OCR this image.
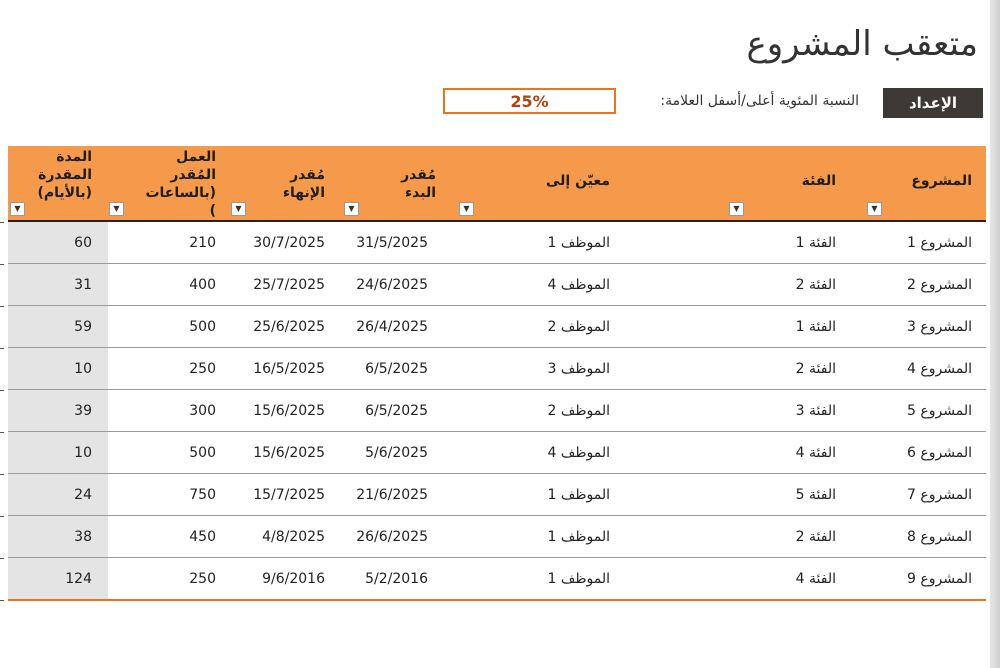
متعقب المشروع
الإعداد
النسبة المئوية أعلى/أسفل العلامة:
25%
المشروع
▼
الفئة
▼
معيّن إلى
▼
مُقدر
البدء
▼
مُقدر
الإنهاء
▼
العمل
المُقدر
(بالساعات
)
▼
المدة
المقدرة
(بالأيام)
▼
المشروع 1
الفئة 1
الموظف 1
31/5/2025
30/7/2025
210
60
المشروع 2
الفئة 2
الموظف 4
24/6/2025
25/7/2025
400
31
المشروع 3
الفئة 1
الموظف 2
26/4/2025
25/6/2025
500
59
المشروع 4
الفئة 2
الموظف 3
6/5/2025
16/5/2025
250
10
المشروع 5
الفئة 3
الموظف 2
6/5/2025
15/6/2025
300
39
المشروع 6
الفئة 4
الموظف 4
5/6/2025
15/6/2025
500
10
المشروع 7
الفئة 5
الموظف 1
21/6/2025
15/7/2025
750
24
المشروع 8
الفئة 2
الموظف 1
26/6/2025
4/8/2025
450
38
المشروع 9
الفئة 4
الموظف 1
5/2/2016
9/6/2016
250
124
